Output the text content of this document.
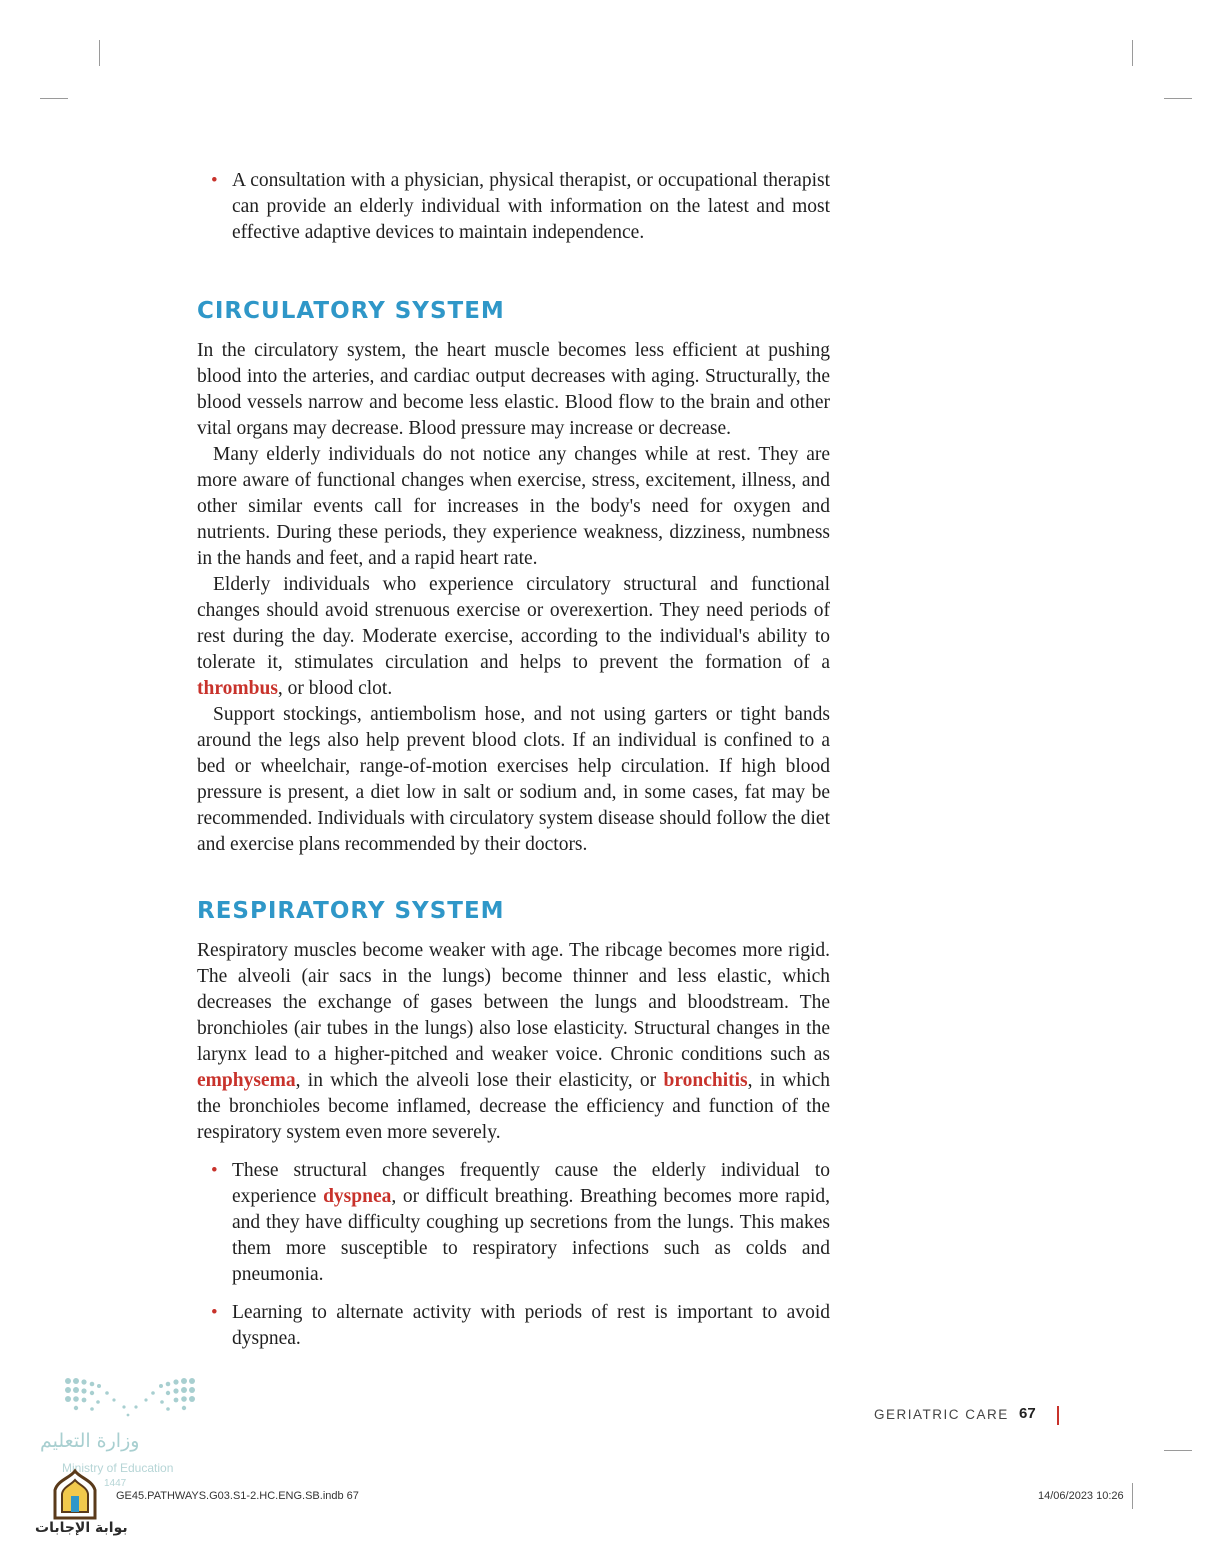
• A consultation with a physician, physical therapist, or occupational therapist can provide an elderly individual with information on the latest and most effective adaptive devices to maintain independence.

CIRCULATORY SYSTEM

In the circulatory system, the heart muscle becomes less efficient at pushing blood into the arteries, and cardiac output decreases with aging. Structurally, the blood vessels narrow and become less elastic. Blood flow to the brain and other vital organs may decrease. Blood pressure may increase or decrease.

Many elderly individuals do not notice any changes while at rest. They are more aware of functional changes when exercise, stress, excitement, illness, and other similar events call for increases in the body's need for oxygen and nutrients. During these periods, they experience weakness, dizziness, numbness in the hands and feet, and a rapid heart rate.

Elderly individuals who experience circulatory structural and functional changes should avoid strenuous exercise or overexertion. They need periods of rest during the day. Moderate exercise, according to the individual's ability to tolerate it, stimulates circulation and helps to prevent the formation of a thrombus, or blood clot.

Support stockings, antiembolism hose, and not using garters or tight bands around the legs also help prevent blood clots. If an individual is confined to a bed or wheelchair, range-of-motion exercises help circulation. If high blood pressure is present, a diet low in salt or sodium and, in some cases, fat may be recommended. Individuals with circulatory system disease should follow the diet and exercise plans recommended by their doctors.

RESPIRATORY SYSTEM

Respiratory muscles become weaker with age. The ribcage becomes more rigid. The alveoli (air sacs in the lungs) become thinner and less elastic, which decreases the exchange of gases between the lungs and bloodstream. The bronchioles (air tubes in the lungs) also lose elasticity. Structural changes in the larynx lead to a higher-pitched and weaker voice. Chronic conditions such as emphysema, in which the alveoli lose their elasticity, or bronchitis, in which the bronchioles become inflamed, decrease the efficiency and function of the respiratory system even more severely.

• These structural changes frequently cause the elderly individual to experience dyspnea, or difficult breathing. Breathing becomes more rapid, and they have difficulty coughing up secretions from the lungs. This makes them more susceptible to respiratory infections such as colds and pneumonia.

• Learning to alternate activity with periods of rest is important to avoid dyspnea.

وزارة التعليم
Ministry of Education
1447
بوابة الإجابات
GERIATRIC CARE 67
GE45.PATHWAYS.G03.S1-2.HC.ENG.SB.indb 67	14/06/2023 10:26
